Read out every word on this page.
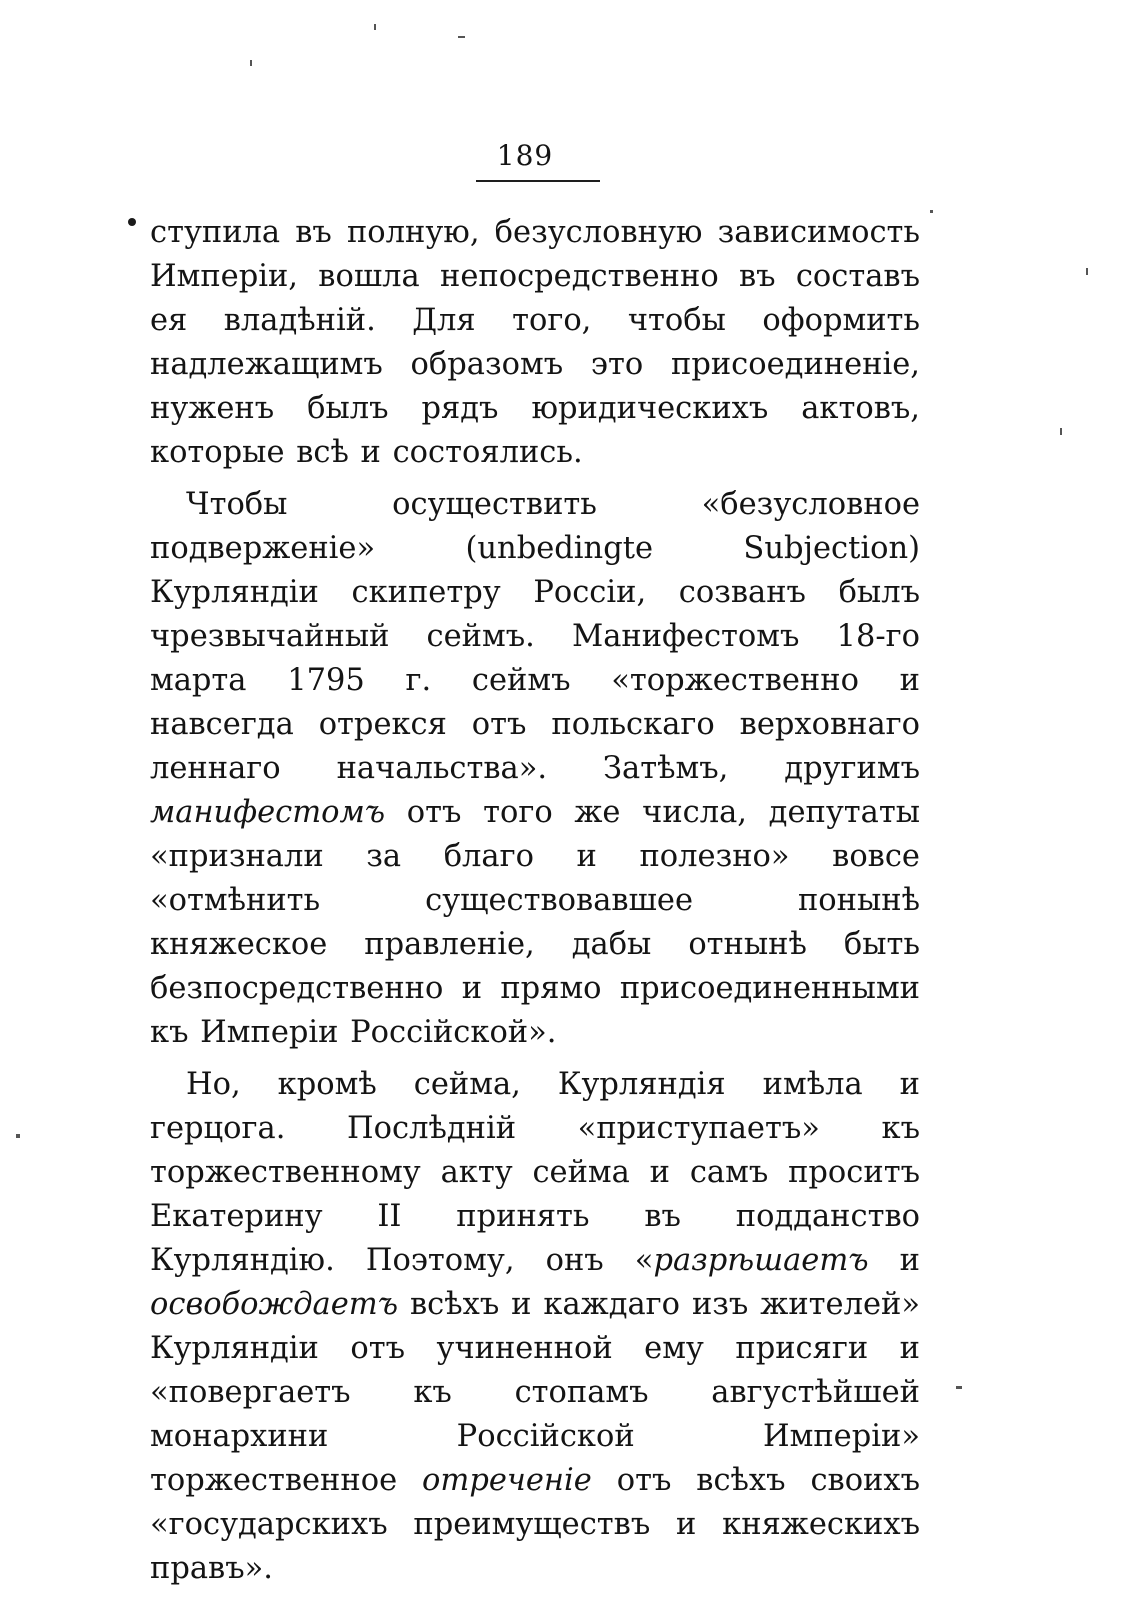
189

ступила въ полную, безусловную зависимость Имперіи, вошла непосредственно въ составъ ея владѣній. Для того, чтобы оформить надлежащимъ образомъ это присоединеніе, нуженъ былъ рядъ юридическихъ актовъ, которые всѣ и состоялись.

Чтобы осуществить «безусловное подверженіе» (unbedingte Subjection) Курляндіи скипетру Россіи, созванъ былъ чрезвычайный сеймъ. Манифестомъ 18-го марта 1795 г. сеймъ «торжественно и навсегда отрекся отъ польскаго верховнаго леннаго начальства». Затѣмъ, другимъ манифестомъ отъ того же числа, депутаты «признали за благо и полезно» вовсе «отмѣнить существовавшее понынѣ княжеское правленіе, дабы отнынѣ быть безпосредственно и прямо присоединенными къ Имперіи Россійской».

Но, кромѣ сейма, Курляндія имѣла и герцога. Послѣдній «приступаетъ» къ торжественному акту сейма и самъ проситъ Екатерину II принять въ подданство Курляндію. Поэтому, онъ «разрѣшаетъ и освобождаетъ всѣхъ и каждаго изъ жителей» Курляндіи отъ учиненной ему присяги и «повергаетъ къ стопамъ августѣйшей монархини Россійской Имперіи» торжественное отреченіе отъ всѣхъ своихъ «государскихъ преимуществъ и княжескихъ правъ».
